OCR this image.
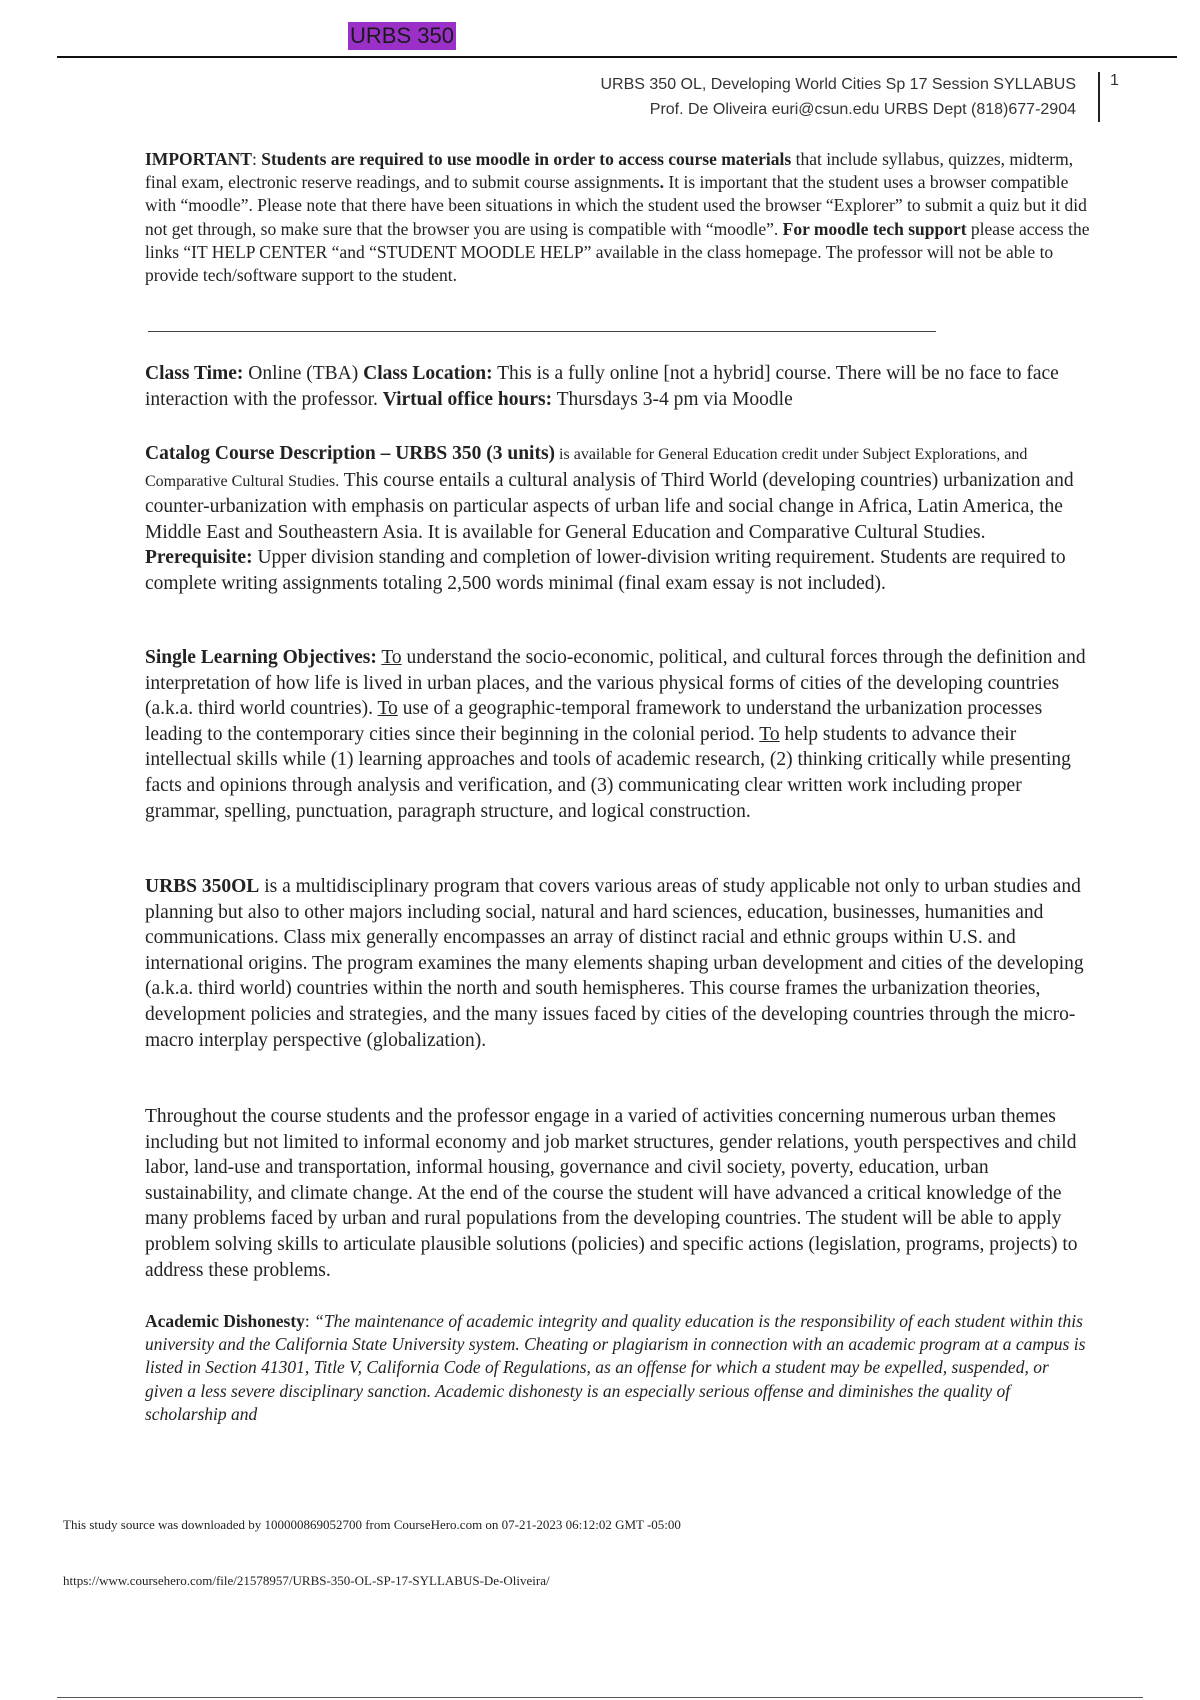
URBS 350
URBS 350 OL, Developing World Cities Sp 17 Session SYLLABUS
Prof. De Oliveira euri@csun.edu URBS Dept (818)677-2904
1

IMPORTANT: Students are required to use moodle in order to access course materials that include syllabus, quizzes, midterm, final exam, electronic reserve readings, and to submit course assignments. It is important that the student uses a browser compatible with “moodle”. Please note that there have been situations in which the student used the browser “Explorer” to submit a quiz but it did not get through, so make sure that the browser you are using is compatible with “moodle”. For moodle tech support please access the links “IT HELP CENTER “and “STUDENT MOODLE HELP” available in the class homepage. The professor will not be able to provide tech/software support to the student.

Class Time: Online (TBA) Class Location: This is a fully online [not a hybrid] course. There will be no face to face interaction with the professor. Virtual office hours: Thursdays 3-4 pm via Moodle

Catalog Course Description – URBS 350 (3 units) is available for General Education credit under Subject Explorations, and Comparative Cultural Studies. This course entails a cultural analysis of Third World (developing countries) urbanization and counter-urbanization with emphasis on particular aspects of urban life and social change in Africa, Latin America, the Middle East and Southeastern Asia. It is available for General Education and Comparative Cultural Studies. Prerequisite: Upper division standing and completion of lower-division writing requirement. Students are required to complete writing assignments totaling 2,500 words minimal (final exam essay is not included).

Single Learning Objectives: To understand the socio-economic, political, and cultural forces through the definition and interpretation of how life is lived in urban places, and the various physical forms of cities of the developing countries (a.k.a. third world countries). To use of a geographic-temporal framework to understand the urbanization processes leading to the contemporary cities since their beginning in the colonial period. To help students to advance their intellectual skills while (1) learning approaches and tools of academic research, (2) thinking critically while presenting facts and opinions through analysis and verification, and (3) communicating clear written work including proper grammar, spelling, punctuation, paragraph structure, and logical construction.

URBS 350OL is a multidisciplinary program that covers various areas of study applicable not only to urban studies and planning but also to other majors including social, natural and hard sciences, education, businesses, humanities and communications. Class mix generally encompasses an array of distinct racial and ethnic groups within U.S. and international origins. The program examines the many elements shaping urban development and cities of the developing (a.k.a. third world) countries within the north and south hemispheres. This course frames the urbanization theories, development policies and strategies, and the many issues faced by cities of the developing countries through the micro-macro interplay perspective (globalization).

Throughout the course students and the professor engage in a varied of activities concerning numerous urban themes including but not limited to informal economy and job market structures, gender relations, youth perspectives and child labor, land-use and transportation, informal housing, governance and civil society, poverty, education, urban sustainability, and climate change. At the end of the course the student will have advanced a critical knowledge of the many problems faced by urban and rural populations from the developing countries. The student will be able to apply problem solving skills to articulate plausible solutions (policies) and specific actions (legislation, programs, projects) to address these problems.

Academic Dishonesty: “The maintenance of academic integrity and quality education is the responsibility of each student within this university and the California State University system. Cheating or plagiarism in connection with an academic program at a campus is listed in Section 41301, Title V, California Code of Regulations, as an offense for which a student may be expelled, suspended, or given a less severe disciplinary sanction. Academic dishonesty is an especially serious offense and diminishes the quality of scholarship and

This study source was downloaded by 100000869052700 from CourseHero.com on 07-21-2023 06:12:02 GMT -05:00
https://www.coursehero.com/file/21578957/URBS-350-OL-SP-17-SYLLABUS-De-Oliveira/
